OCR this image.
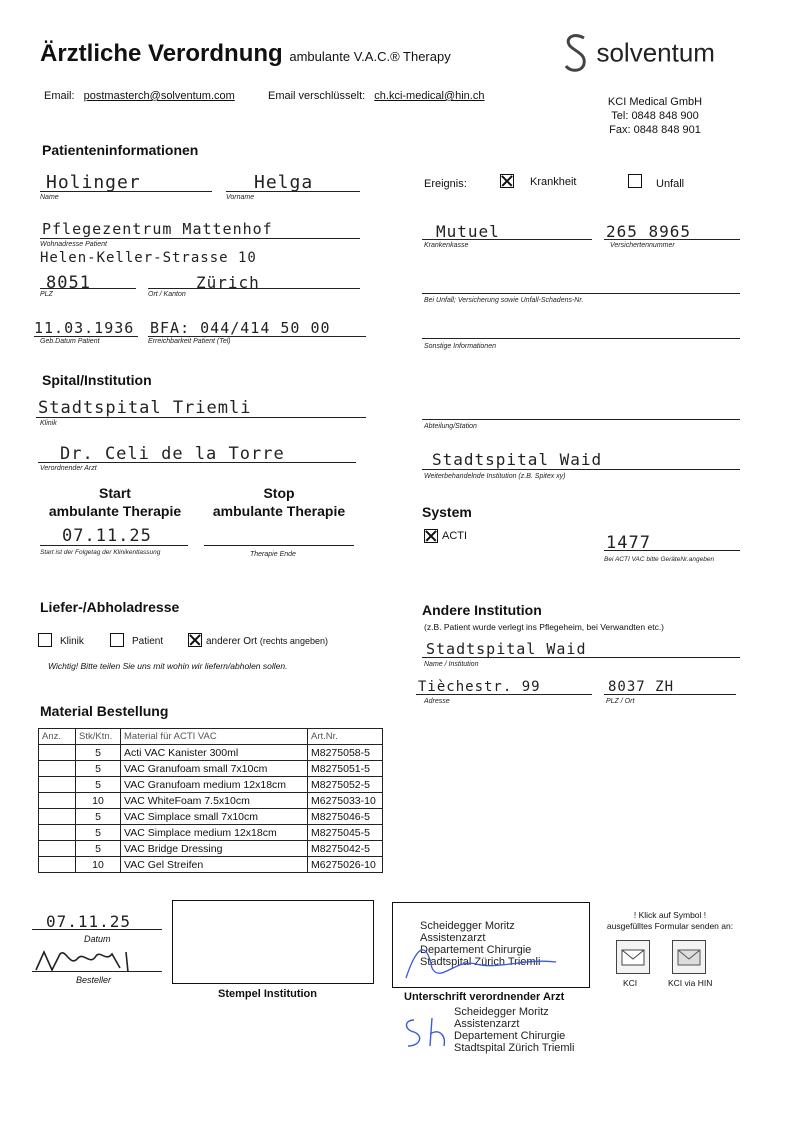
Ärztliche Verordnung ambulante V.A.C.® Therapy	solventum
Email: postmasterch@solventum.com	Email verschlüsselt: ch.kci-medical@hin.ch	KCI Medical GmbH
Tel: 0848 848 900
Fax: 0848 848 901
Patienteninformationen
Holinger
Name
Helga
Vorname
Pflegezentrum Mattenhof
Wohnadresse Patient
Helen-Keller-Strasse 10
8051
PLZ
Zürich
Ort / Kanton
11.03.1936
Geb.Datum Patient
BFA: 044/414 50 00
Erreichbarkeit Patient (Tel)
Ereignis:	Krankheit	Unfall
Mutuel
Krankenkasse
265 8965
Versichertennummer
Bei Unfall; Versicherung sowie Unfall-Schadens-Nr.
Sonstige Informationen
Spital/Institution
Stadtspital Triemli
Klinik	Abteilung/Station
Dr. Celi de la Torre
Verordnender Arzt	Stadtspital Waid
Weiterbehandelnde Institution (z.B. Spitex xy)
Start
ambulante Therapie
Stop
ambulante Therapie
07.11.25
Start ist der Folgetag der Klinikentlassung	Therapie Ende
System
ACTI	1477
Bei ACTI VAC bitte GeräteNr.angeben
Liefer-/Abholadresse
Klinik	Patient	anderer Ort (rechts angeben)
Wichtig! Bitte teilen Sie uns mit wohin wir liefern/abholen sollen.
Andere Institution
(z.B. Patient wurde verlegt ins Pflegeheim, bei Verwandten etc.)
Stadtspital Waid
Name / Institution
Tièchestr. 99
Adresse
8037 ZH
PLZ / Ort
Material Bestellung
Anz.	Stk/Ktn.	Material für ACTI VAC	Art.Nr.
	5	Acti VAC Kanister 300ml	M8275058-5
	5	VAC Granufoam small 7x10cm	M8275051-5
	5	VAC Granufoam medium 12x18cm	M8275052-5
	10	VAC WhiteFoam 7.5x10cm	M6275033-10
	5	VAC Simplace small 7x10cm	M8275046-5
	5	VAC Simplace medium 12x18cm	M8275045-5
	5	VAC Bridge Dressing	M8275042-5
	10	VAC Gel Streifen	M6275026-10
07.11.25
Datum
Besteller
Stempel Institution
Scheidegger Moritz
Assistenzarzt
Departement Chirurgie
Stadtspital Zürich Triemli
Unterschrift verordnender Arzt
Scheidegger Moritz
Assistenzarzt
Departement Chirurgie
Stadtspital Zürich Triemli
! Klick auf Symbol !
ausgefülltes Formular senden an:
KCI	KCI via HIN
